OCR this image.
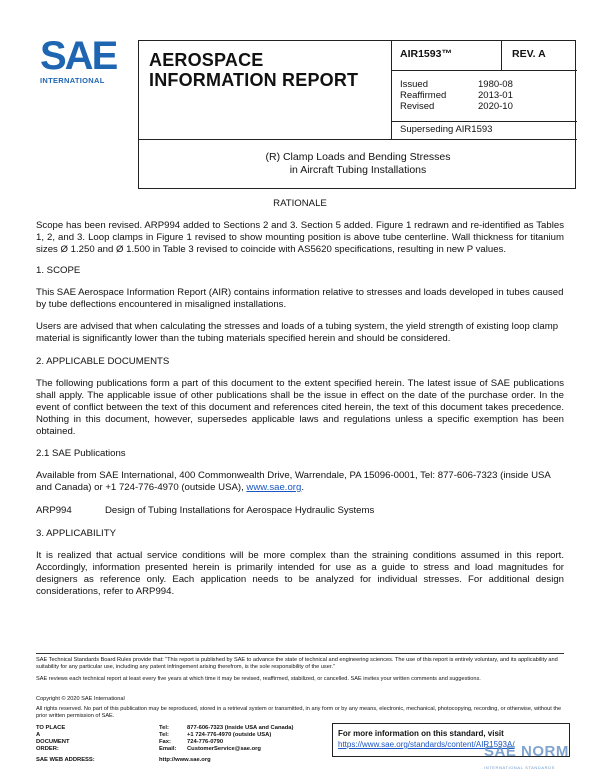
SAE
INTERNATIONAL
AEROSPACE
INFORMATION REPORT
AIR1593™	REV. A
Issued	1980-08
Reaffirmed	2013-01
Revised	2020-10
Superseding AIR1593
(R) Clamp Loads and Bending Stresses
in Aircraft Tubing Installations
RATIONALE
Scope has been revised. ARP994 added to Sections 2 and 3. Section 5 added. Figure 1 redrawn and re-identified as Tables 1, 2, and 3. Loop clamps in Figure 1 revised to show mounting position is above tube centerline. Wall thickness for titanium sizes Ø 1.250 and Ø 1.500 in Table 3 revised to coincide with AS5620 specifications, resulting in new P values.
1. SCOPE
This SAE Aerospace Information Report (AIR) contains information relative to stresses and loads developed in tubes caused by tube deflections encountered in misaligned installations.
Users are advised that when calculating the stresses and loads of a tubing system, the yield strength of existing loop clamp material is significantly lower than the tubing materials specified herein and should be considered.
2. APPLICABLE DOCUMENTS
The following publications form a part of this document to the extent specified herein. The latest issue of SAE publications shall apply. The applicable issue of other publications shall be the issue in effect on the date of the purchase order. In the event of conflict between the text of this document and references cited herein, the text of this document takes precedence. Nothing in this document, however, supersedes applicable laws and regulations unless a specific exemption has been obtained.
2.1 SAE Publications
Available from SAE International, 400 Commonwealth Drive, Warrendale, PA 15096-0001, Tel: 877-606-7323 (inside USA and Canada) or +1 724-776-4970 (outside USA), www.sae.org.
ARP994	Design of Tubing Installations for Aerospace Hydraulic Systems
3. APPLICABILITY
It is realized that actual service conditions will be more complex than the straining conditions assumed in this report. Accordingly, information presented herein is primarily intended for use as a guide to stress and load magnitudes for designers as reference only. Each application needs to be analyzed for individual stresses. For additional design considerations, refer to ARP994.
SAE Technical Standards Board Rules provide that: “This report is published by SAE to advance the state of technical and engineering sciences. The use of this report is entirely voluntary, and its applicability and suitability for any particular use, including any patent infringement arising therefrom, is the sole responsibility of the user.”
SAE reviews each technical report at least every five years at which time it may be revised, reaffirmed, stabilized, or cancelled. SAE invites your written comments and suggestions.
Copyright © 2020 SAE International
All rights reserved. No part of this publication may be reproduced, stored in a retrieval system or transmitted, in any form or by any means, electronic, mechanical, photocopying, recording, or otherwise, without the prior written permission of SAE.
TO PLACE A DOCUMENT ORDER:
Tel:	877-606-7323 (inside USA and Canada)
Tel:	+1 724-776-4970 (outside USA)
Fax:	724-776-0790
Email: CustomerService@sae.org
SAE WEB ADDRESS:	http://www.sae.org
For more information on this standard, visit
https://www.sae.org/standards/content/AIR1593A/
SAE NORM
INTERNATIONAL STANDARDS
